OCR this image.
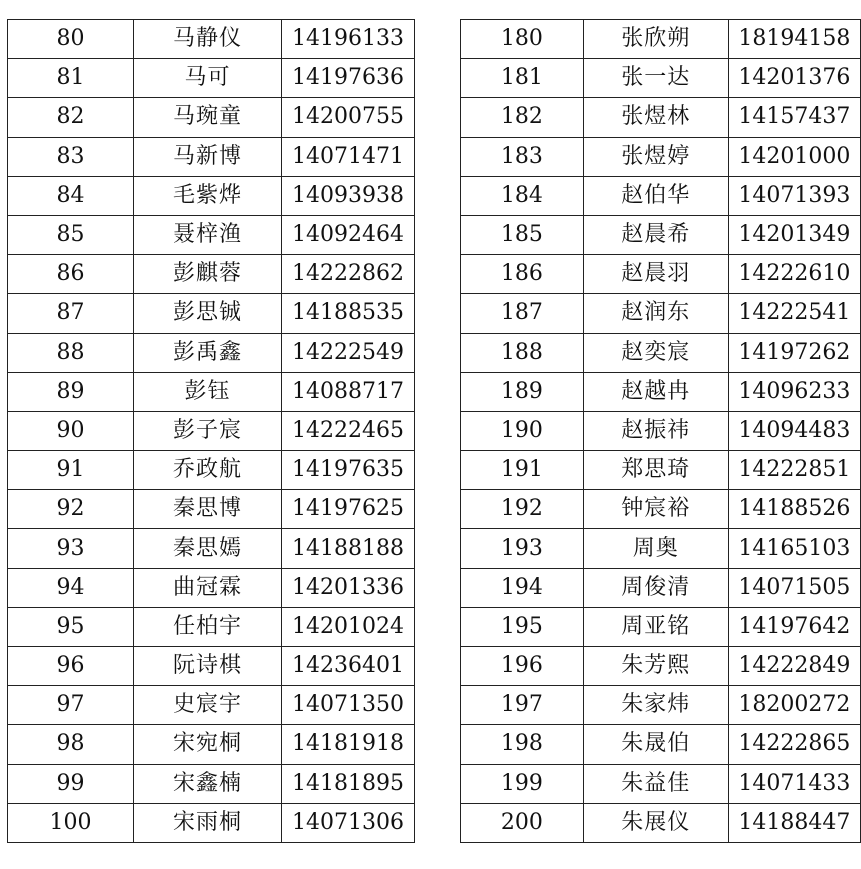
80	马静仪	14196133
81	马可	14197636
82	马琬童	14200755
83	马新博	14071471
84	毛紫烨	14093938
85	聂梓渔	14092464
86	彭麒蓉	14222862
87	彭思铖	14188535
88	彭禹鑫	14222549
89	彭钰	14088717
90	彭子宸	14222465
91	乔政航	14197635
92	秦思博	14197625
93	秦思嫣	14188188
94	曲冠霖	14201336
95	任柏宇	14201024
96	阮诗棋	14236401
97	史宸宇	14071350
98	宋宛桐	14181918
99	宋鑫楠	14181895
100	宋雨桐	14071306
180	张欣朔	18194158
181	张一达	14201376
182	张煜林	14157437
183	张煜婷	14201000
184	赵伯华	14071393
185	赵晨希	14201349
186	赵晨羽	14222610
187	赵润东	14222541
188	赵奕宸	14197262
189	赵越冉	14096233
190	赵振祎	14094483
191	郑思琦	14222851
192	钟宸裕	14188526
193	周奥	14165103
194	周俊清	14071505
195	周亚铭	14197642
196	朱芳熙	14222849
197	朱家炜	18200272
198	朱晟伯	14222865
199	朱益佳	14071433
200	朱展仪	14188447
